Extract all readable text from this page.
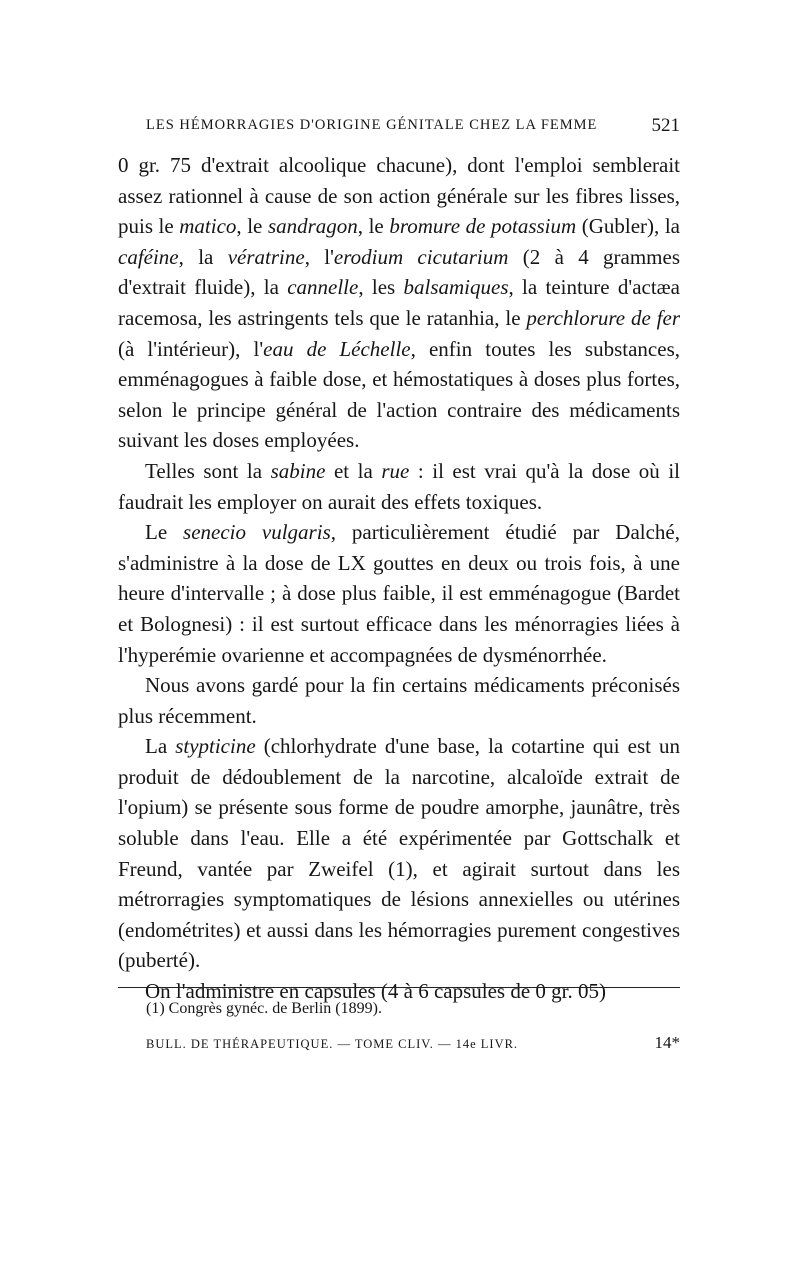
LES HÉMORRAGIES D'ORIGINE GÉNITALE CHEZ LA FEMME	521

0 gr. 75 d'extrait alcoolique chacune), dont l'emploi semblerait assez rationnel à cause de son action générale sur les fibres lisses, puis le matico, le sandragon, le bromure de potassium (Gubler), la caféine, la vératrine, l'erodium cicutarium (2 à 4 grammes d'extrait fluide), la cannelle, les balsamiques, la teinture d'actæa racemosa, les astringents tels que le ratanhia, le perchlorure de fer (à l'intérieur), l'eau de Léchelle, enfin toutes les substances, emménagogues à faible dose, et hémostatiques à doses plus fortes, selon le principe général de l'action contraire des médicaments suivant les doses employées.

Telles sont la sabine et la rue : il est vrai qu'à la dose où il faudrait les employer on aurait des effets toxiques.

Le senecio vulgaris, particulièrement étudié par Dalché, s'administre à la dose de LX gouttes en deux ou trois fois, à une heure d'intervalle ; à dose plus faible, il est emménagogue (Bardet et Bolognesi) : il est surtout efficace dans les ménorragies liées à l'hyperémie ovarienne et accompagnées de dysménorrhée.

Nous avons gardé pour la fin certains médicaments préconisés plus récemment.

La stypticine (chlorhydrate d'une base, la cotartine qui est un produit de dédoublement de la narcotine, alcaloïde extrait de l'opium) se présente sous forme de poudre amorphe, jaunâtre, très soluble dans l'eau. Elle a été expérimentée par Gottschalk et Freund, vantée par Zweifel (1), et agirait surtout dans les métrorragies symptomatiques de lésions annexielles ou utérines (endométrites) et aussi dans les hémorragies purement congestives (puberté).

On l'administre en capsules (4 à 6 capsules de 0 gr. 05)

(1) Congrès gynéc. de Berlin (1899).
BULL. DE THÉRAPEUTIQUE. — TOME CLIV. — 14e LIVR.	14*
